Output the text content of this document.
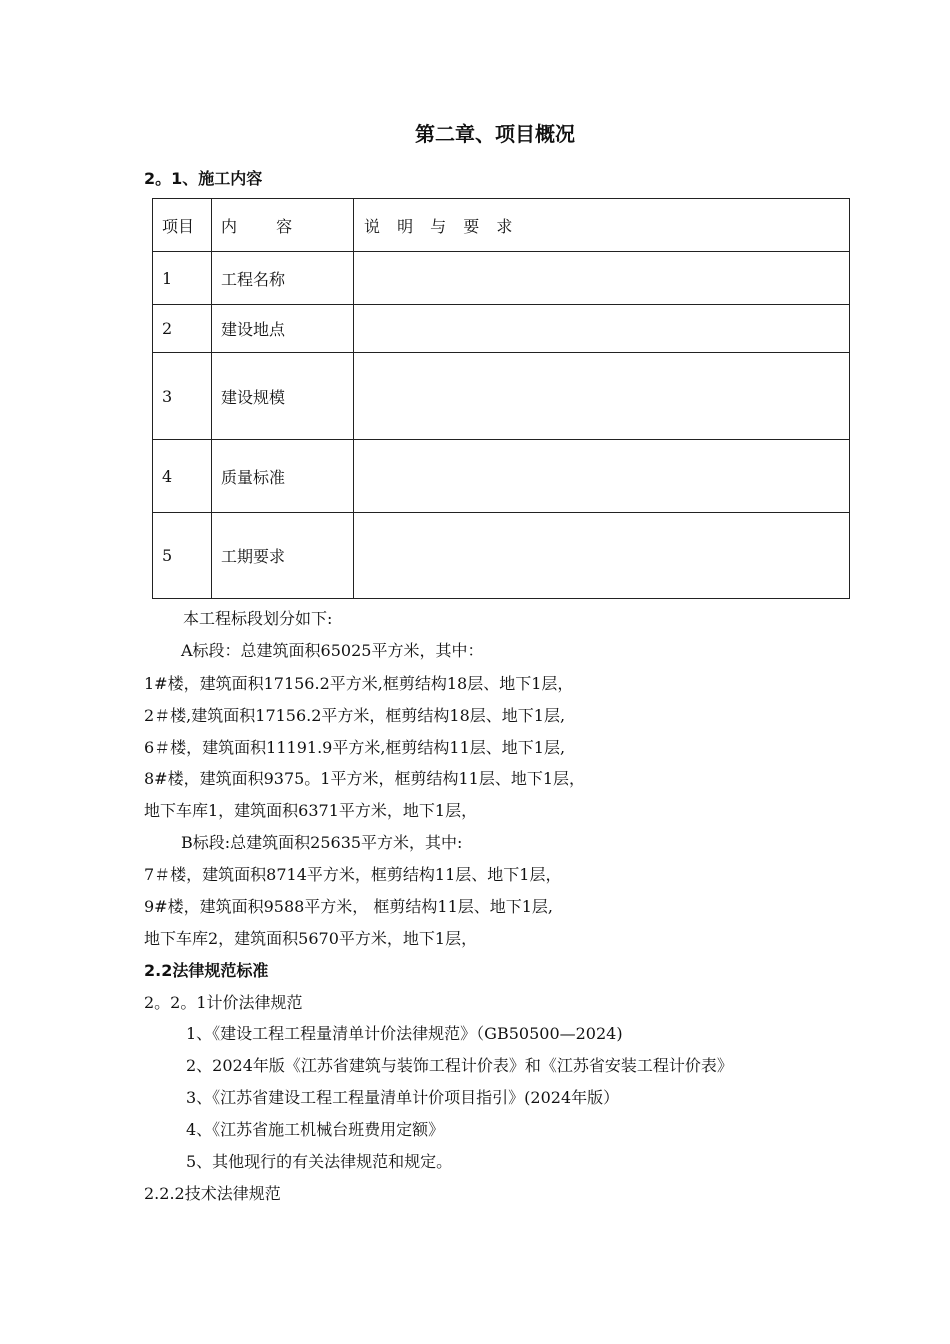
第二章、项目概况
2。1、施工内容
项目	内 容	说 明 与 要 求
1	工程名称	
2	建设地点	
3	建设规模	
4	质量标准	
5	工期要求	
本工程标段划分如下:
A标段：总建筑面积65025平方米，其中：
1#楼，建筑面积17156.2平方米,框剪结构18层、地下1层，
2＃楼,建筑面积17156.2平方米，框剪结构18层、地下1层,
6＃楼，建筑面积11191.9平方米,框剪结构11层、地下1层,
8#楼，建筑面积9375。1平方米，框剪结构11层、地下1层，
地下车库1，建筑面积6371平方米，地下1层，
B标段:总建筑面积25635平方米，其中:
7＃楼，建筑面积8714平方米，框剪结构11层、地下1层，
9#楼，建筑面积9588平方米， 框剪结构11层、地下1层,
地下车库2，建筑面积5670平方米，地下1层，
2.2法律规范标准
2。2。1计价法律规范
1、《建设工程工程量清单计价法律规范》（GB50500—2024)
2、2024年版《江苏省建筑与装饰工程计价表》和《江苏省安装工程计价表》
3、《江苏省建设工程工程量清单计价项目指引》(2024年版）
4、《江苏省施工机械台班费用定额》
5、其他现行的有关法律规范和规定。
2.2.2技术法律规范
